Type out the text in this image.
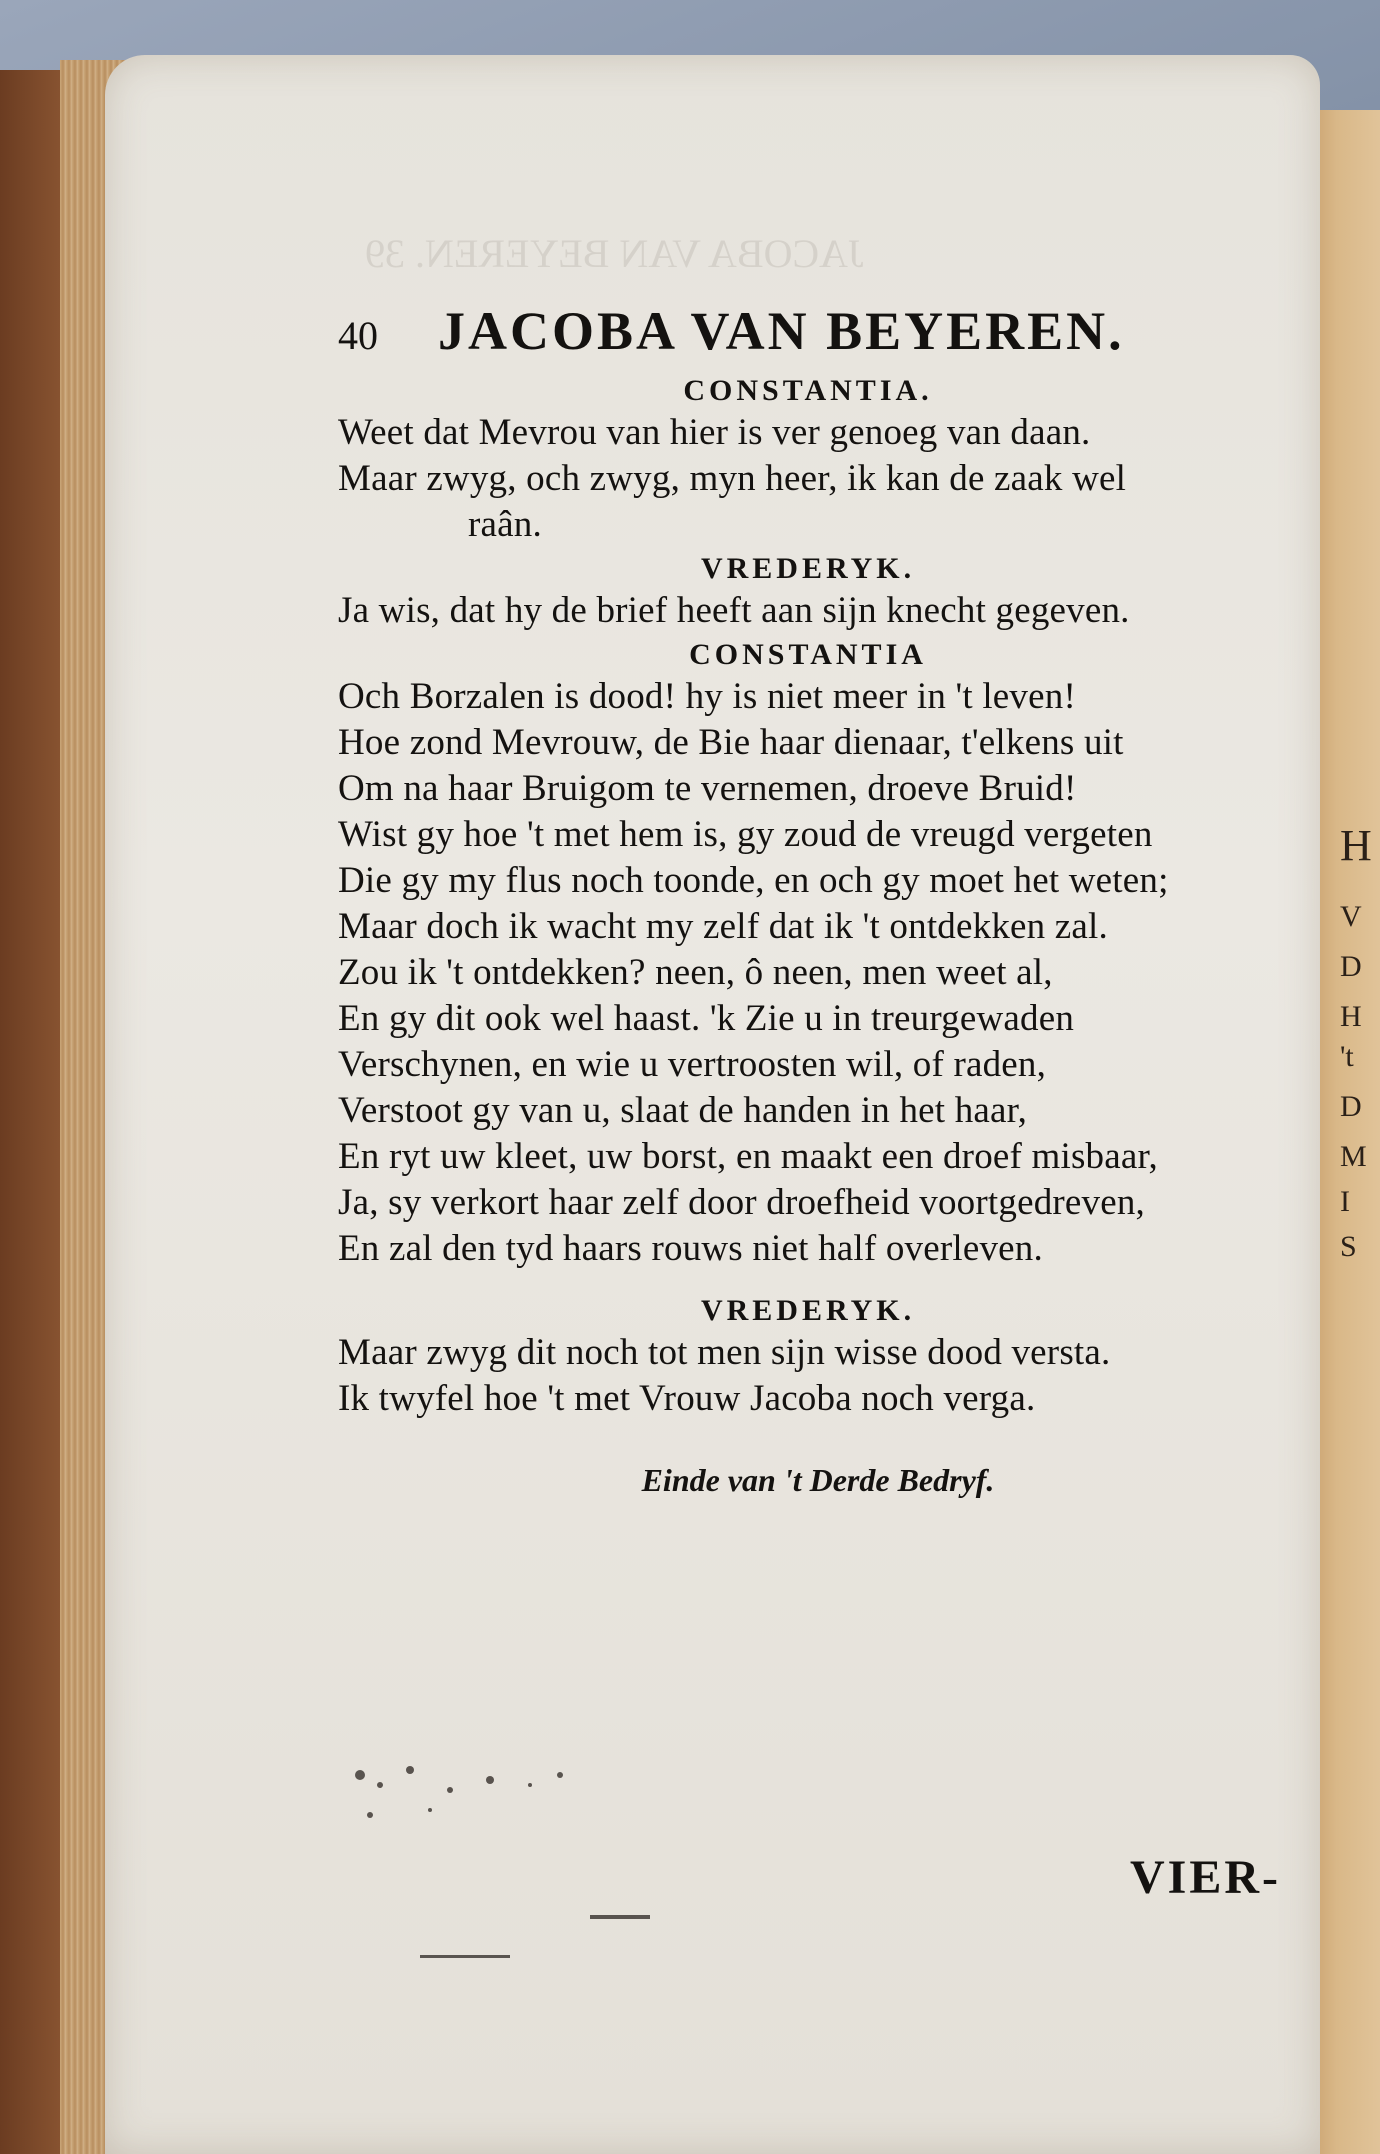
H
V
D
H
't
D
M
I
S
JACOBA VAN BEYEREN. 39
40	JACOBA VAN BEYEREN.
CONSTANTIA.
Weet dat Mevrou van hier is ver genoeg van daan.
Maar zwyg, och zwyg, myn heer, ik kan de zaak wel
raân.
VREDERYK.
Ja wis, dat hy de brief heeft aan sijn knecht gegeven.
CONSTANTIA
Och Borzalen is dood! hy is niet meer in 't leven!
Hoe zond Mevrouw, de Bie haar dienaar, t'elkens uit
Om na haar Bruigom te vernemen, droeve Bruid!
Wist gy hoe 't met hem is, gy zoud de vreugd vergeten
Die gy my flus noch toonde, en och gy moet het weten;
Maar doch ik wacht my zelf dat ik 't ontdekken zal.
Zou ik 't ontdekken? neen, ô neen, men weet al,
En gy dit ook wel haast. 'k Zie u in treurgewaden
Verschynen, en wie u vertroosten wil, of raden,
Verstoot gy van u, slaat de handen in het haar,
En ryt uw kleet, uw borst, en maakt een droef misbaar,
Ja, sy verkort haar zelf door droefheid voortgedreven,
En zal den tyd haars rouws niet half overleven.
VREDERYK.
Maar zwyg dit noch tot men sijn wisse dood versta.
Ik twyfel hoe 't met Vrouw Jacoba noch verga.
Einde van 't Derde Bedryf.
VIER-
